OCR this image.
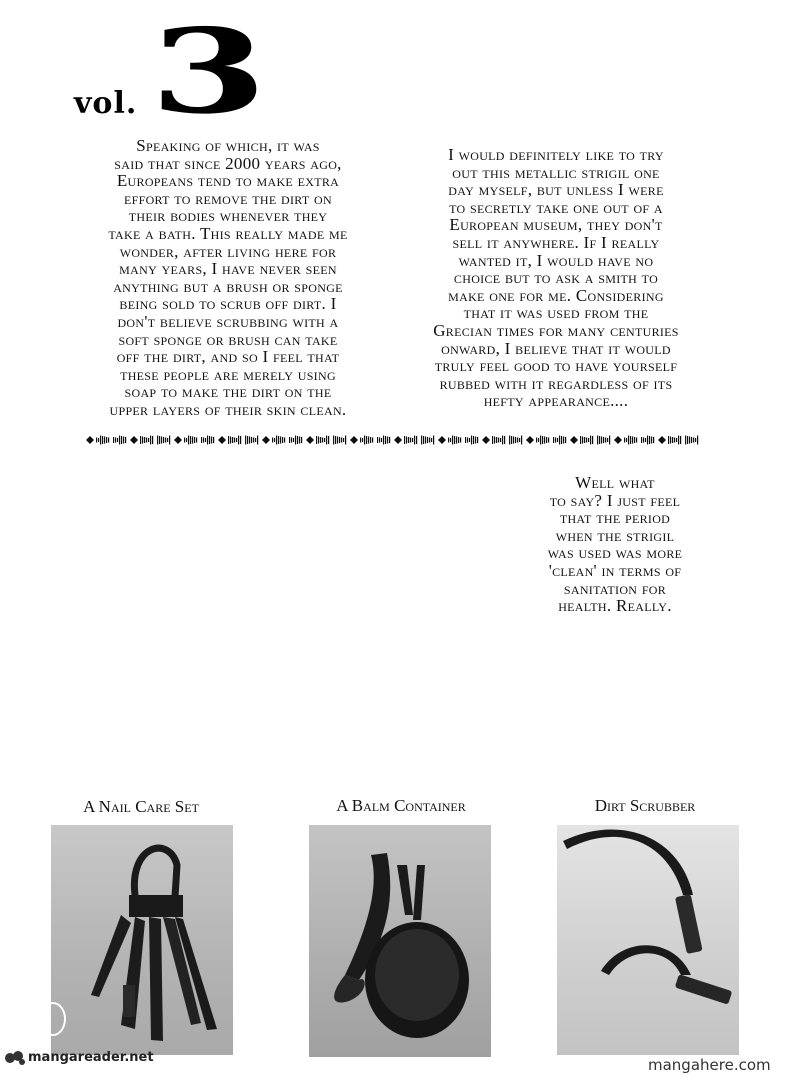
vol. 3
Speaking of which, it was
said that since 2000 years ago,
Europeans tend to make extra
effort to remove the dirt on
their bodies whenever they
take a bath. This really made me
wonder, after living here for
many years, I have never seen
anything but a brush or sponge
being sold to scrub off dirt. I
don't believe scrubbing with a
soft sponge or brush can take
off the dirt, and so I feel that
these people are merely using
soap to make the dirt on the
upper layers of their skin clean.
I would definitely like to try
out this metallic strigil one
day myself, but unless I were
to secretly take one out of a
European museum, they don't
sell it anywhere. If I really
wanted it, I would have no
choice but to ask a smith to
make one for me. Considering
that it was used from the
Grecian times for many centuries
onward, I believe that it would
truly feel good to have yourself
rubbed with it regardless of its
hefty appearance....
Well what
to say? I just feel
that the period
when the strigil
was used was more
'clean' in terms of
sanitation for
health. Really.
A Nail Care Set	A Balm Container	Dirt Scrubber
mangareader.net	mangahere.com
